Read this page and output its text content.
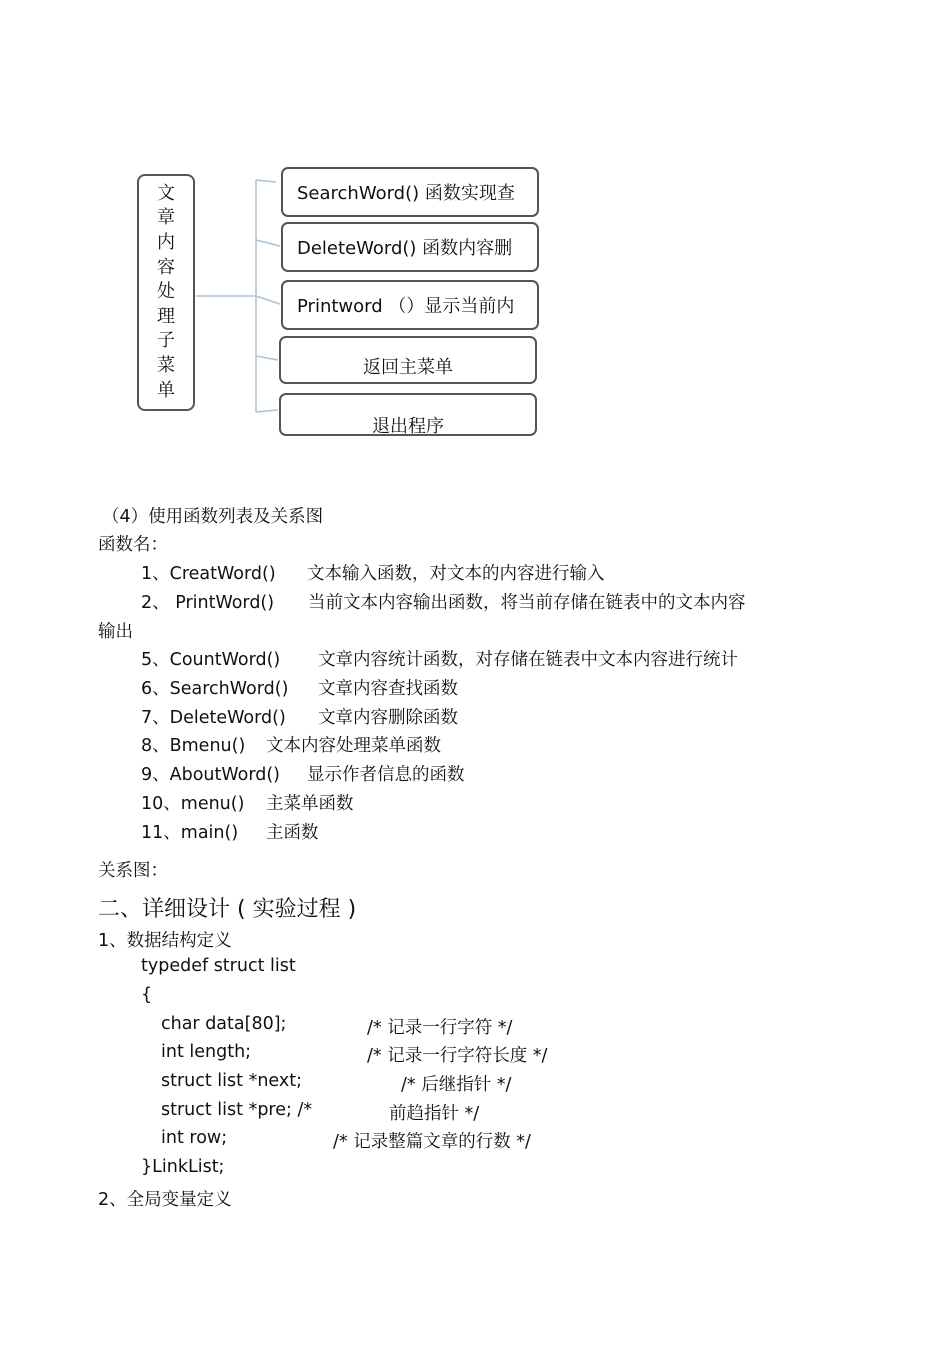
文
章
内
容
处
理
子
菜
单
SearchWord() 函数实现查
DeleteWord() 函数内容删
Printword （）显示当前内
返回主菜单
退出程序
（4）使用函数列表及关系图
函数名：
1、CreatWord() 文本输入函数，对文本的内容进行输入
2、 PrintWord() 当前文本内容输出函数，将当前存储在链表中的文本内容
输出
5、CountWord() 文章内容统计函数，对存储在链表中文本内容进行统计
6、SearchWord() 文章内容查找函数
7、DeleteWord() 文章内容删除函数
8、Bmenu() 文本内容处理菜单函数
9、AboutWord() 显示作者信息的函数
10、menu() 主菜单函数
11、main() 主函数
关系图：
二、详细设计 ( 实验过程 )
1、数据结构定义
typedef struct list
{
char data[80];	/* 记录一行字符 */
int length;	/* 记录一行字符长度 */
struct list *next;	/* 后继指针 */
struct list *pre; /*	前趋指针 */
int row;	/* 记录整篇文章的行数 */
}LinkList;
2、全局变量定义
